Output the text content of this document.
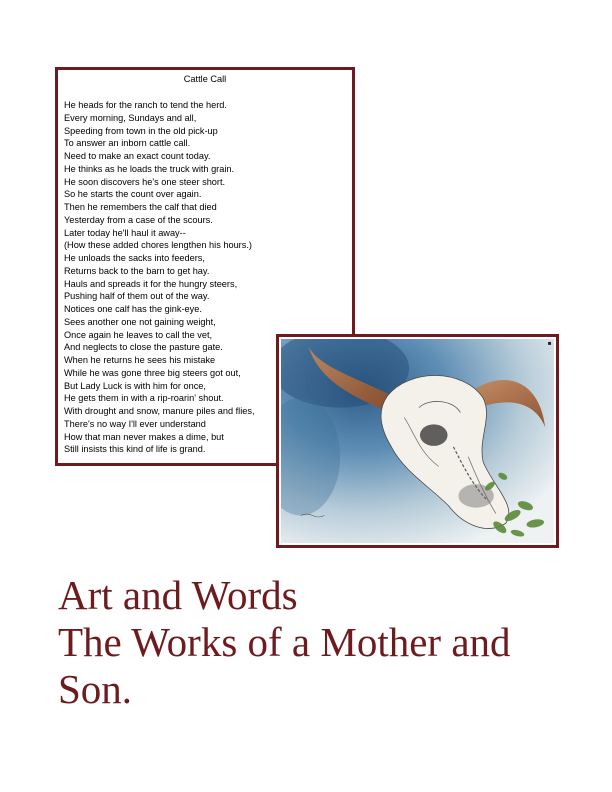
Cattle Call
He heads for the ranch to tend the herd.
Every morning, Sundays and all,
Speeding from town in the old pick-up
To answer an inborn cattle call.
Need to make an exact count today.
He thinks as he loads the truck with grain.
He soon discovers he's one steer short.
So he starts the count over again.
Then he remembers the calf that died
Yesterday from a case of the scours.
Later today he'll haul it away--
(How these added chores lengthen his hours.)
He unloads the sacks into feeders,
Returns back to the barn to get hay.
Hauls and spreads it for the hungry steers,
Pushing half of them out of the way.
Notices one calf has the gink-eye.
Sees another one not gaining weight,
Once again he leaves to call the vet,
And neglects to close the pasture gate.
When he returns he sees his mistake
While he was gone three big steers got out,
But Lady Luck is with him for once,
He gets them in with a rip-roarin' shout.
With drought and snow, manure piles and flies,
There's no way I'll ever understand
How that man never makes a dime, but
Still insists this kind of life is grand.
Art and Words
The Works of a Mother and
Son.
